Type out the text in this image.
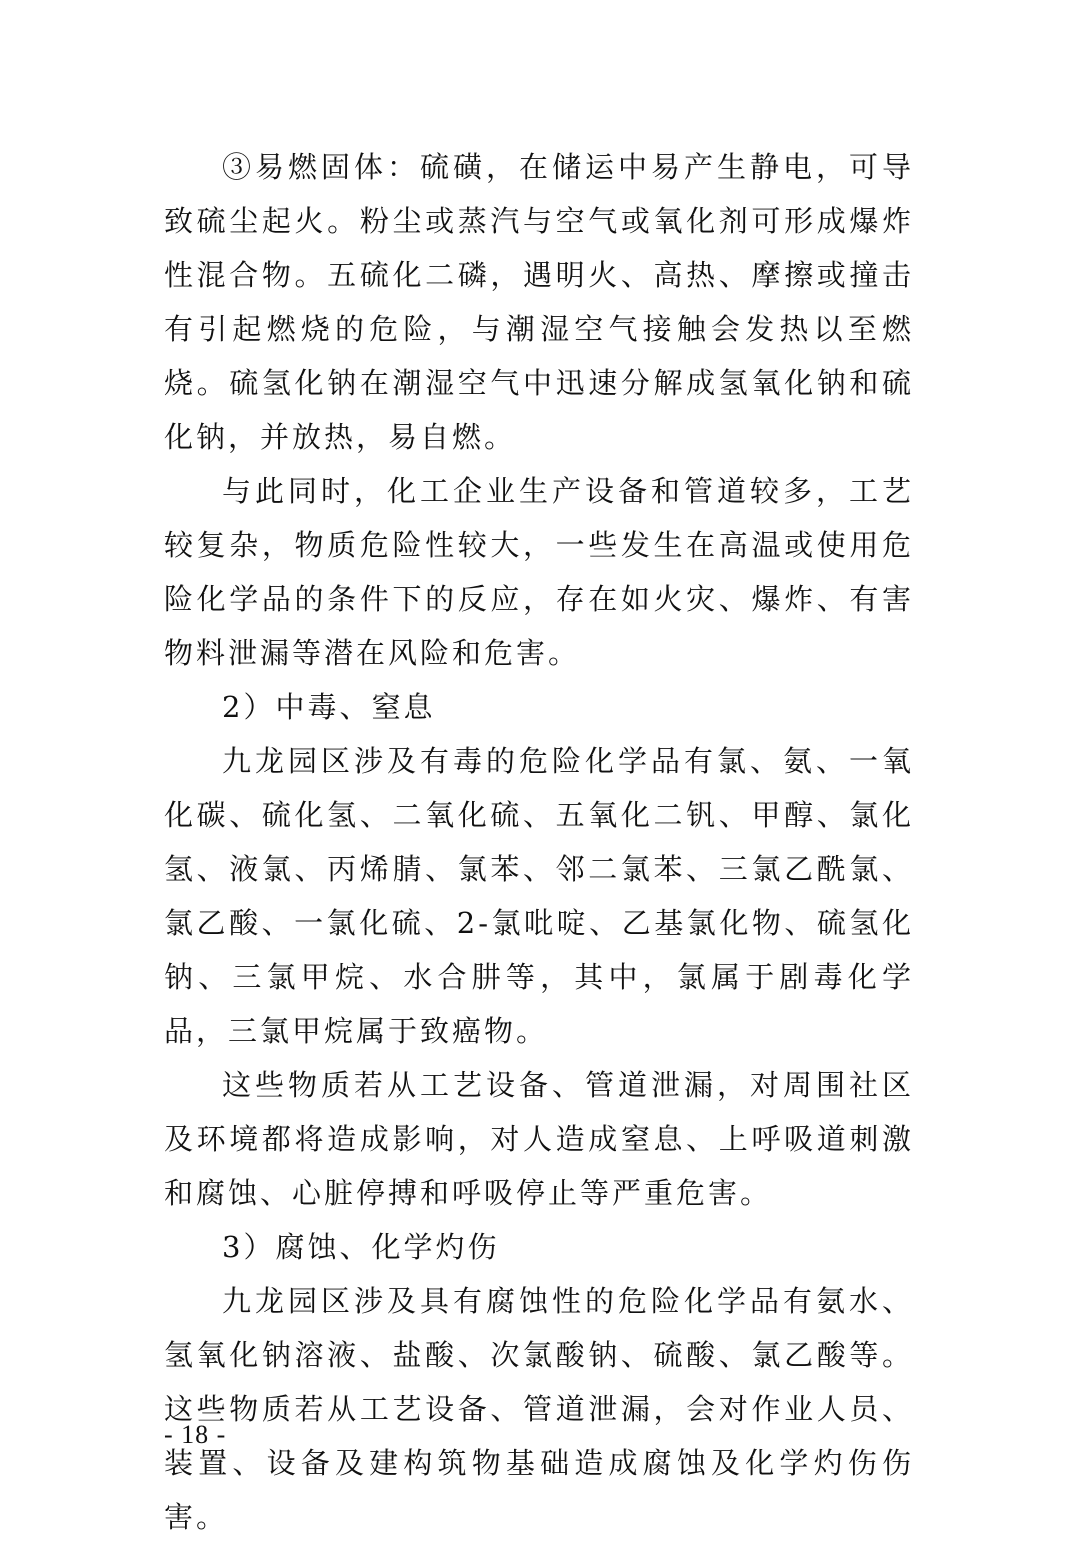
③易燃固体：硫磺，在储运中易产生静电，可导致硫尘起火。粉尘或蒸汽与空气或氧化剂可形成爆炸性混合物。五硫化二磷，遇明火、高热、摩擦或撞击有引起燃烧的危险，与潮湿空气接触会发热以至燃烧。硫氢化钠在潮湿空气中迅速分解成氢氧化钠和硫化钠，并放热，易自燃。

与此同时，化工企业生产设备和管道较多，工艺较复杂，物质危险性较大，一些发生在高温或使用危险化学品的条件下的反应，存在如火灾、爆炸、有害物料泄漏等潜在风险和危害。

2）中毒、窒息

九龙园区涉及有毒的危险化学品有氯、氨、一氧化碳、硫化氢、二氧化硫、五氧化二钒、甲醇、氯化氢、液氯、丙烯腈、氯苯、邻二氯苯、三氯乙酰氯、氯乙酸、一氯化硫、2-氯吡啶、乙基氯化物、硫氢化钠、三氯甲烷、水合肼等，其中，氯属于剧毒化学品，三氯甲烷属于致癌物。

这些物质若从工艺设备、管道泄漏，对周围社区及环境都将造成影响，对人造成窒息、上呼吸道刺激和腐蚀、心脏停搏和呼吸停止等严重危害。

3）腐蚀、化学灼伤

九龙园区涉及具有腐蚀性的危险化学品有氨水、氢氧化钠溶液、盐酸、次氯酸钠、硫酸、氯乙酸等。这些物质若从工艺设备、管道泄漏，会对作业人员、装置、设备及建构筑物基础造成腐蚀及化学灼伤伤害。

- 18 -
